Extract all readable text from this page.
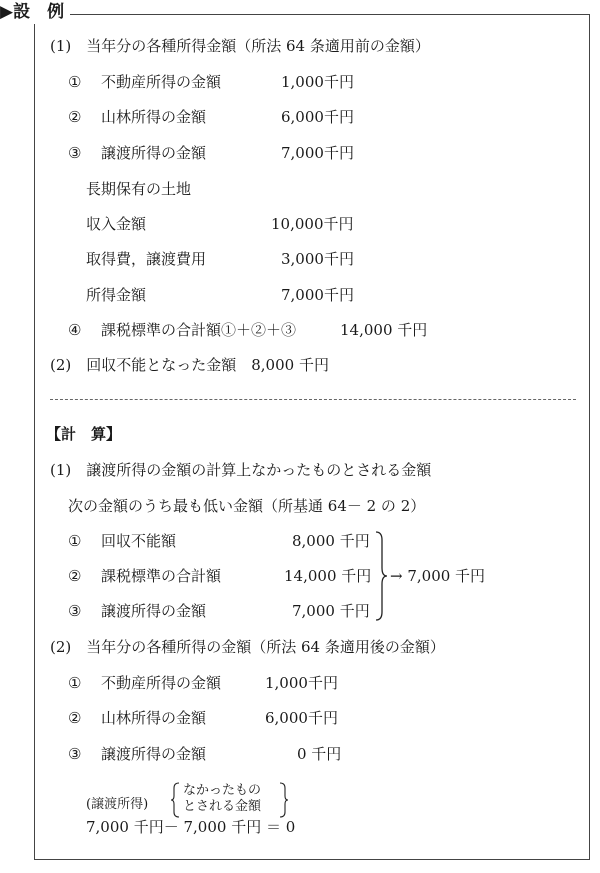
▶設　例
(1)　当年分の各種所得金額（所法 64 条適用前の金額）
① 不動産所得の金額	1,000千円
② 山林所得の金額	6,000千円
③ 譲渡所得の金額	7,000千円
長期保有の土地
収入金額	10,000千円
取得費，譲渡費用	3,000千円
所得金額	7,000千円
④ 課税標準の合計額①＋②＋③	14,000 千円
(2)　回収不能となった金額　8,000 千円
【計　算】
(1)　譲渡所得の金額の計算上なかったものとされる金額
次の金額のうち最も低い金額（所基通 64－ 2 の 2）
① 回収不能額	8,000 千円
② 課税標準の合計額	14,000 千円
③ 譲渡所得の金額	7,000 千円
→ 7,000 千円
(2)　当年分の各種所得の金額（所法 64 条適用後の金額）
① 不動産所得の金額	1,000千円
② 山林所得の金額	6,000千円
③ 譲渡所得の金額	0 千円
(譲渡所得)
なかったもの
とされる金額
7,000 千円－ 7,000 千円 ＝ 0
